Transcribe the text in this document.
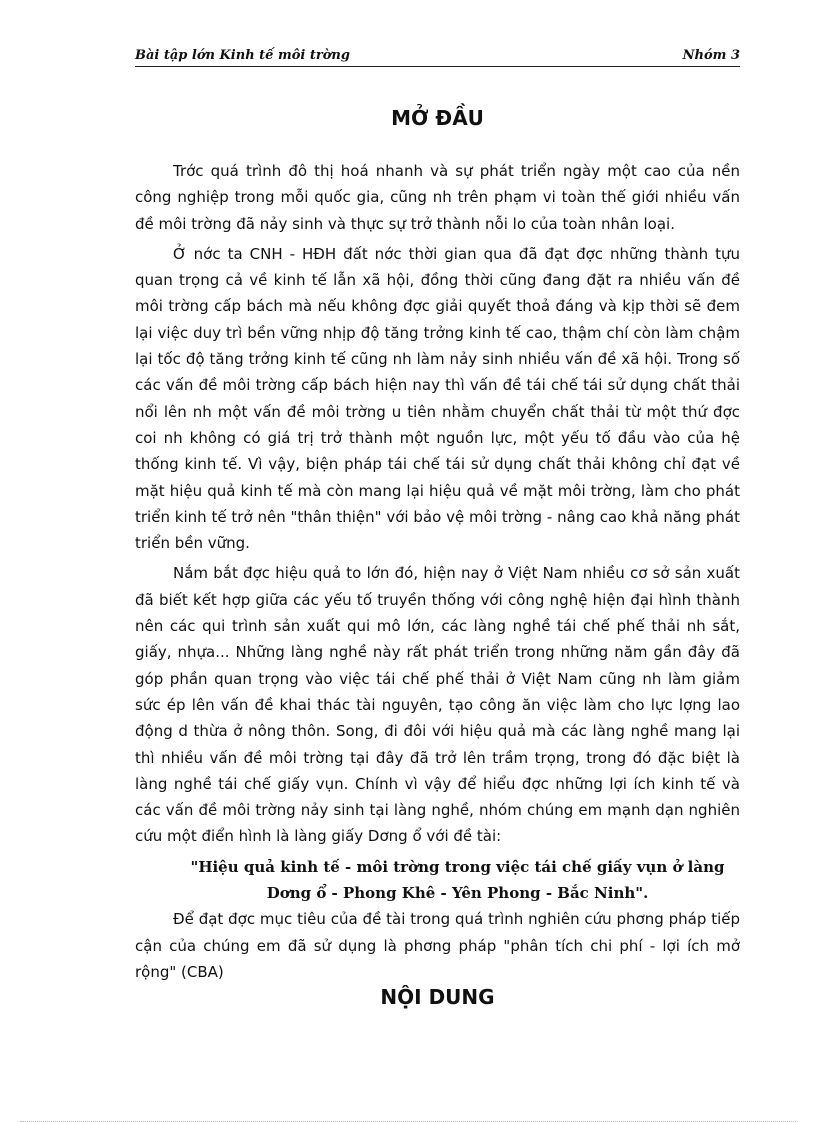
Bài tập lớn Kinh tế môi trờng	Nhóm 3
MỞ ĐẦU

Trớc quá trình đô thị hoá nhanh và sự phát triển ngày một cao của nền công nghiệp trong mỗi quốc gia, cũng nh trên phạm vi toàn thế giới nhiều vấn đề môi trờng đã nảy sinh và thực sự trở thành nỗi lo của toàn nhân loại.

Ở nớc ta CNH - HĐH đất nớc thời gian qua đã đạt đợc những thành tựu quan trọng cả về kinh tế lẫn xã hội, đồng thời cũng đang đặt ra nhiều vấn đề môi trờng cấp bách mà nếu không đợc giải quyết thoả đáng và kịp thời sẽ đem lại việc duy trì bền vững nhịp độ tăng trởng kinh tế cao, thậm chí còn làm chậm lại tốc độ tăng trởng kinh tế cũng nh làm nảy sinh nhiều vấn đề xã hội. Trong số các vấn đề môi trờng cấp bách hiện nay thì vấn đề tái chế tái sử dụng chất thải nổi lên nh một vấn đề môi trờng u tiên nhằm chuyển chất thải từ một thứ đợc coi nh không có giá trị trở thành một nguồn lực, một yếu tố đầu vào của hệ thống kinh tế. Vì vậy, biện pháp tái chế tái sử dụng chất thải không chỉ đạt về mặt hiệu quả kinh tế mà còn mang lại hiệu quả về mặt môi trờng, làm cho phát triển kinh tế trở nên "thân thiện" với bảo vệ môi trờng - nâng cao khả năng phát triển bền vững.

Nắm bắt đợc hiệu quả to lớn đó, hiện nay ở Việt Nam nhiều cơ sở sản xuất đã biết kết hợp giữa các yếu tố truyền thống với công nghệ hiện đại hình thành nên các qui trình sản xuất qui mô lớn, các làng nghề tái chế phế thải nh sắt, giấy, nhựa... Những làng nghề này rất phát triển trong những năm gần đây đã góp phần quan trọng vào việc tái chế phế thải ở Việt Nam cũng nh làm giảm sức ép lên vấn đề khai thác tài nguyên, tạo công ăn việc làm cho lực lợng lao động d thừa ở nông thôn. Song, đi đôi với hiệu quả mà các làng nghề mang lại thì nhiều vấn đề môi trờng tại đây đã trở lên trầm trọng, trong đó đặc biệt là làng nghề tái chế giấy vụn. Chính vì vậy để hiểu đợc những lợi ích kinh tế và các vấn đề môi trờng nảy sinh tại làng nghề, nhóm chúng em mạnh dạn nghiên cứu một điển hình là làng giấy Dơng ổ với đề tài:

"Hiệu quả kinh tế - môi trờng trong việc tái chế giấy vụn ở làng

Dơng ổ - Phong Khê - Yên Phong - Bắc Ninh".

Để đạt đợc mục tiêu của đề tài trong quá trình nghiên cứu phơng pháp tiếp cận của chúng em đã sử dụng là phơng pháp "phân tích chi phí - lợi ích mở rộng" (CBA)

NỘI DUNG
